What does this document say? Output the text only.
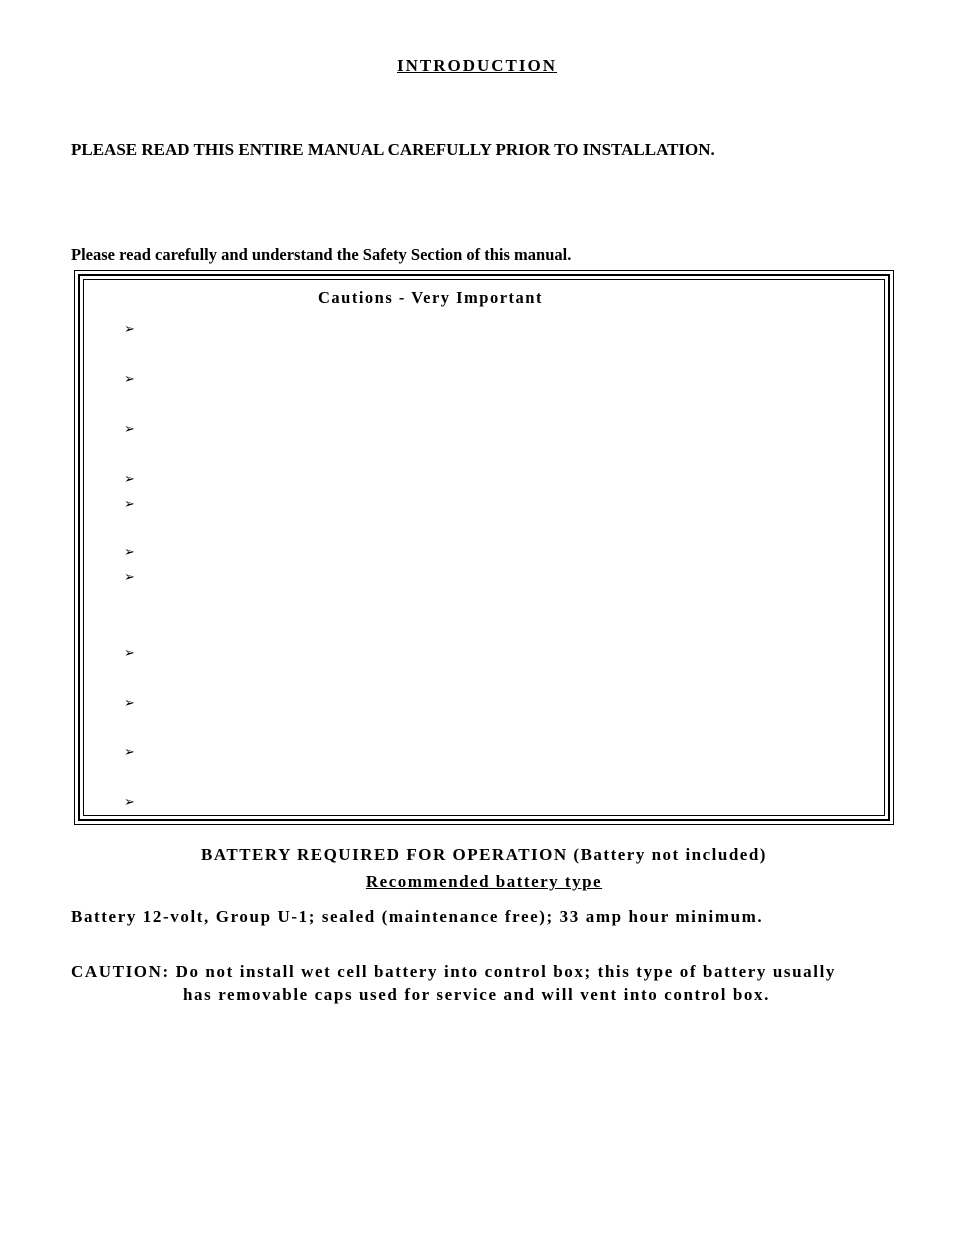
INTRODUCTION
PLEASE READ THIS ENTIRE MANUAL CAREFULLY PRIOR TO INSTALLATION.
Please read carefully and understand the Safety Section of this manual.
Cautions - Very Important
➢
➢
➢
➢
➢
➢
➢
➢
➢
➢
➢
BATTERY REQUIRED FOR OPERATION (Battery not included)
Recommended battery type
Battery 12-volt, Group U-1; sealed (maintenance free); 33 amp hour minimum.
CAUTION: Do not install wet cell battery into control box; this type of battery usually
has removable caps used for service and will vent into control box.
